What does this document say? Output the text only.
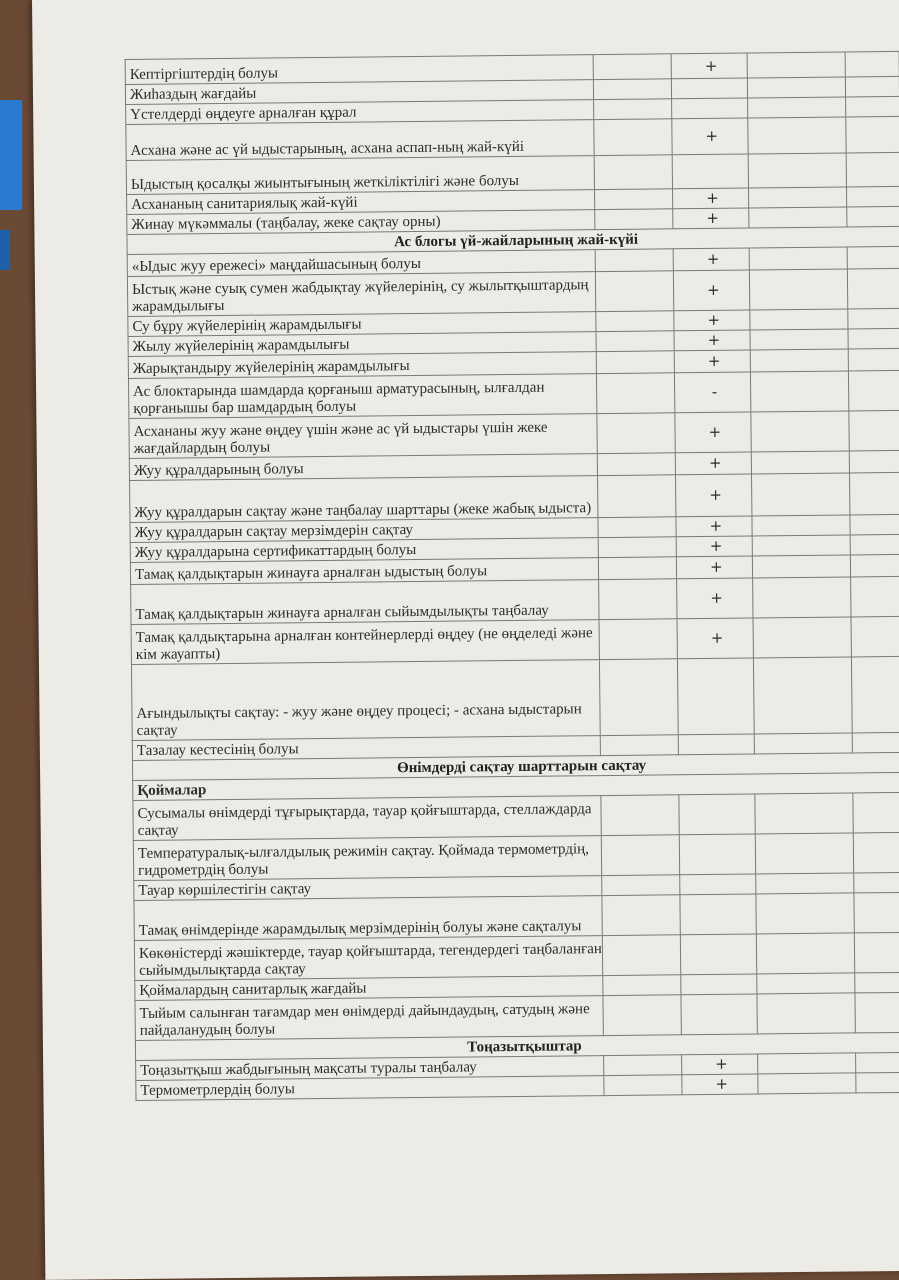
Кептіргіштердің болуы		+		
Жиһаздың жағдайы				
Үстелдерді өңдеуге арналған құрал				
Асхана және ас үй ыдыстарының, асхана аспап-ның жай-күйі		+		
Ыдыстың қосалқы жиынтығының жеткіліктілігі және болуы				
Асхананың санитариялық жай-күйі		+		
Жинау мүкәммалы (таңбалау, жеке сақтау орны)		+		
Ас блогы үй-жайларының жай-күйі				
«Ыдыс жуу ережесі» маңдайшасының болуы		+		
Ыстық және суық сумен жабдықтау жүйелерінің, су жылытқыштардың жарамдылығы		+		
Су бұру жүйелерінің жарамдылығы		+		
Жылу жүйелерінің жарамдылығы		+		
Жарықтандыру жүйелерінің жарамдылығы		+		
Ас блоктарында шамдарда қорғаныш арматурасының, ылғалдан қорғанышы бар шамдардың болуы		-		
Асхананы жуу және өңдеу үшін және ас үй ыдыстары үшін жеке жағдайлардың болуы		+		
Жуу құралдарының болуы		+		
Жуу құралдарын сақтау және таңбалау шарттары (жеке жабық ыдыста)		+		
Жуу құралдарын сақтау мерзімдерін сақтау		+		
Жуу құралдарына сертификаттардың болуы		+		
Тамақ қалдықтарын жинауға арналған ыдыстың болуы		+		
Тамақ қалдықтарын жинауға арналған сыйымдылықты таңбалау		+		
Тамақ қалдықтарына арналған контейнерлерді өңдеу (не өңделеді және кім жауапты)		+		
Ағындылықты сақтау: - жуу және өңдеу процесі; - асхана ыдыстарын сақтау				
Тазалау кестесінің болуы				
Өнімдерді сақтау шарттарын сақтау				
Қоймалар				
Сусымалы өнімдерді тұғырықтарда, тауар қойғыштарда, стеллаждарда сақтау				
Температуралық-ылғалдылық режимін сақтау. Қоймада термометрдің, гидрометрдің болуы				
Тауар көршілестігін сақтау				
Тамақ өнімдерінде жарамдылық мерзімдерінің болуы және сақталуы				
Көкөністерді жәшіктерде, тауар қойғыштарда, тегендердегі таңбаланған сыйымдылықтарда сақтау				
Қоймалардың санитарлық жағдайы				
Тыйым салынған тағамдар мен өнімдерді дайындаудың, сатудың және пайдаланудың болуы				
Тоңазытқыштар				
Тоңазытқыш жабдығының мақсаты туралы таңбалау		+		
Термометрлердің болуы		+		
